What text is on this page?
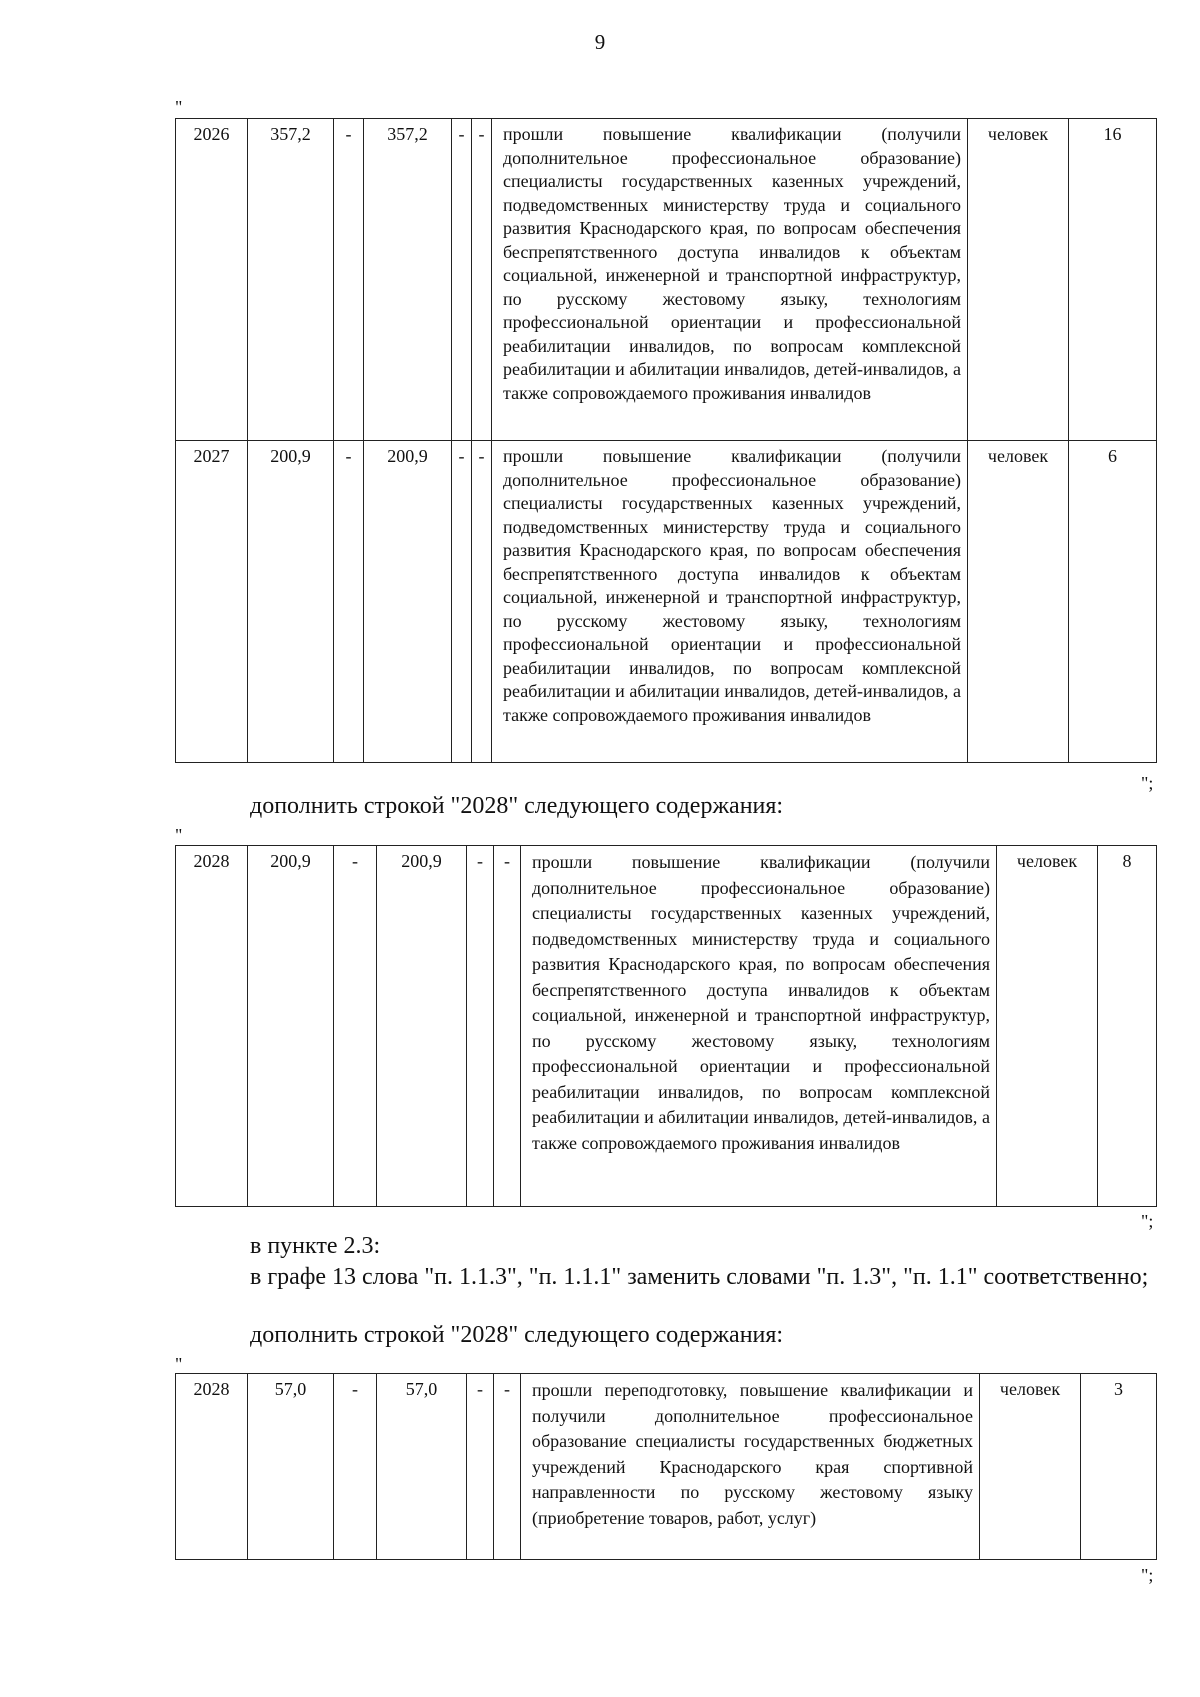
9
"
2026	357,2	-	357,2	-	-	прошли повышение квалификации (получили дополнительное профессиональное образование) специалисты государственных казенных учреждений, подведомственных министерству труда и социального развития Краснодарского края, по вопросам обеспечения беспрепятственного доступа инвалидов к объектам социальной, инженерной и транспортной инфраструктур, по русскому жестовому языку, технологиям профессиональной ориентации и профессиональной реабилитации инвалидов, по вопросам комплексной реабилитации и абилитации инвалидов, детей-инвалидов, а также сопровождаемого проживания инвалидов	человек	16
2027	200,9	-	200,9	-	-	прошли повышение квалификации (получили дополнительное профессиональное образование) специалисты государственных казенных учреждений, подведомственных министерству труда и социального развития Краснодарского края, по вопросам обеспечения беспрепятственного доступа инвалидов к объектам социальной, инженерной и транспортной инфраструктур, по русскому жестовому языку, технологиям профессиональной ориентации и профессиональной реабилитации инвалидов, по вопросам комплексной реабилитации и абилитации инвалидов, детей-инвалидов, а также сопровождаемого проживания инвалидов	человек	6
";
дополнить строкой "2028" следующего содержания:
"
2028	200,9	-	200,9	-	-	прошли повышение квалификации (получили дополнительное профессиональное образование) специалисты государственных казенных учреждений, подведомственных министерству труда и социального развития Краснодарского края, по вопросам обеспечения беспрепятственного доступа инвалидов к объектам социальной, инженерной и транспортной инфраструктур, по русскому жестовому языку, технологиям профессиональной ориентации и профессиональной реабилитации инвалидов, по вопросам комплексной реабилитации и абилитации инвалидов, детей-инвалидов, а также сопровождаемого проживания инвалидов	человек	8
";
в пункте 2.3:
в графе 13 слова "п. 1.1.3", "п. 1.1.1" заменить словами "п. 1.3", "п. 1.1" соответственно;
дополнить строкой "2028" следующего содержания:
"
2028	57,0	-	57,0	-	-	прошли переподготовку, повышение квалификации и получили дополнительное профессиональное образование специалисты государственных бюджетных учреждений Краснодарского края спортивной направленности по русскому жестовому языку (приобретение товаров, работ, услуг)	человек	3
";
